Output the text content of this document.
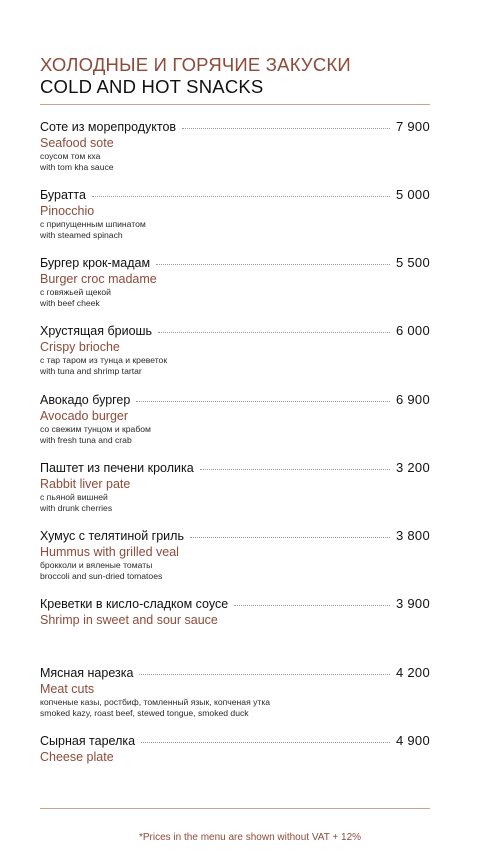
ХОЛОДНЫЕ И ГОРЯЧИЕ ЗАКУСКИ
COLD AND HOT SNACKS
Соте из морепродуктов	7 900
Seafood sote
соусом том кха
with tom kha sauce
Буратта	5 000
Pinocchio
с припущенным шпинатом
with steamed spinach
Бургер крок-мадам	5 500
Burger croc madame
с говяжьей щекой
with beef cheek
Хрустящая бриошь	6 000
Crispy brioche
с тар таром из тунца и креветок
with tuna and shrimp tartar
Авокадо бургер	6 900
Avocado burger
со свежим тунцом и крабом
with fresh tuna and crab
Паштет из печени кролика	3 200
Rabbit liver pate
с пьяной вишней
with drunk cherries
Хумус с телятиной гриль	3 800
Hummus with grilled veal
брокколи и вяленые томаты
broccoli and sun-dried tomatoes
Креветки в кисло-сладком соусе	3 900
Shrimp in sweet and sour sauce
Мясная нарезка	4 200
Meat cuts
копченые казы, ростбиф, томленный язык, копченая утка
smoked kazy, roast beef, stewed tongue, smoked duck
Сырная тарелка	4 900
Cheese plate
*Prices in the menu are shown without VAT + 12%
